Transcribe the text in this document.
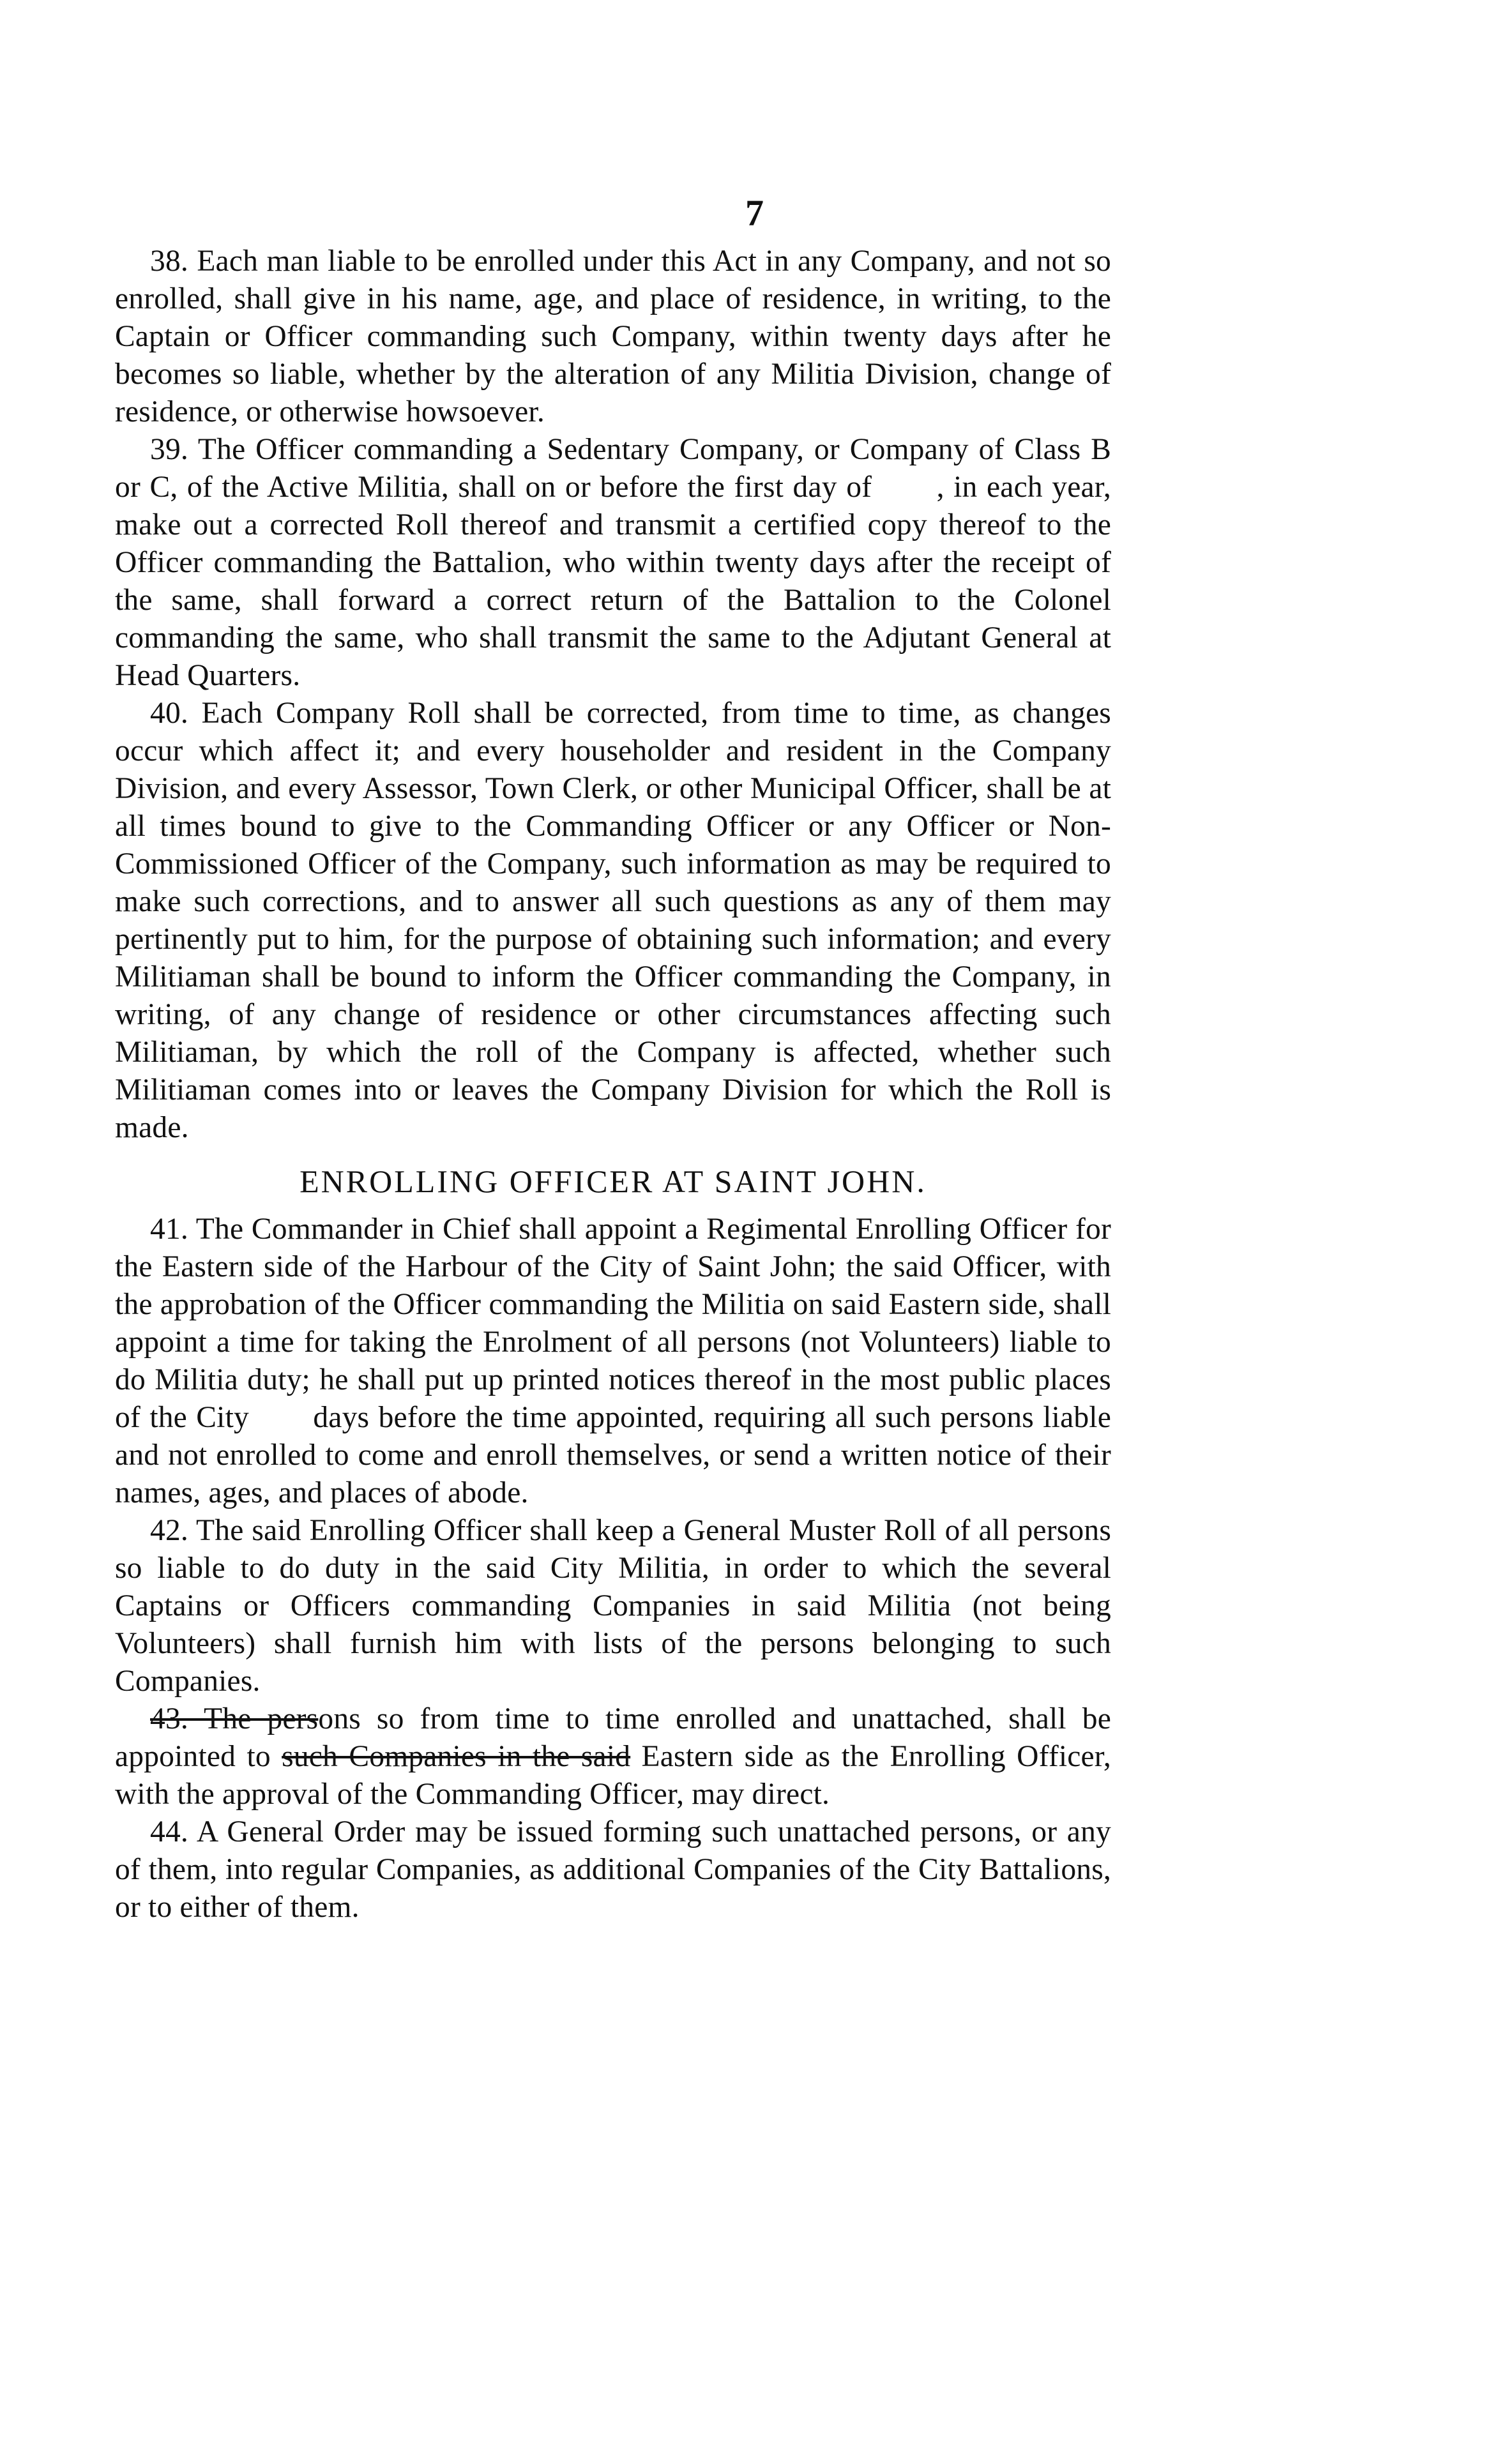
7

38. Each man liable to be enrolled under this Act in any Company, and not so enrolled, shall give in his name, age, and place of residence, in writing, to the Captain or Officer commanding such Company, within twenty days after he becomes so liable, whether by the alteration of any Militia Division, change of residence, or otherwise howsoever.

39. The Officer commanding a Sedentary Company, or Company of Class B or C, of the Active Militia, shall on or before the first day of       , in each year, make out a corrected Roll thereof and transmit a certified copy thereof to the Officer commanding the Battalion, who within twenty days after the receipt of the same, shall forward a correct return of the Battalion to the Colonel commanding the same, who shall transmit the same to the Adjutant General at Head Quarters.

40. Each Company Roll shall be corrected, from time to time, as changes occur which affect it; and every householder and resident in the Company Division, and every Assessor, Town Clerk, or other Municipal Officer, shall be at all times bound to give to the Commanding Officer or any Officer or Non-Commissioned Officer of the Company, such information as may be required to make such corrections, and to answer all such questions as any of them may pertinently put to him, for the purpose of obtaining such information; and every Militiaman shall be bound to inform the Officer commanding the Company, in writing, of any change of residence or other circumstances affecting such Militiaman, by which the roll of the Company is affected, whether such Militiaman comes into or leaves the Company Division for which the Roll is made.

ENROLLING OFFICER AT SAINT JOHN.

41. The Commander in Chief shall appoint a Regimental Enrolling Officer for the Eastern side of the Harbour of the City of Saint John; the said Officer, with the approbation of the Officer commanding the Militia on said Eastern side, shall appoint a time for taking the Enrolment of all persons (not Volunteers) liable to do Militia duty; he shall put up printed notices thereof in the most public places of the City       days before the time appointed, requiring all such persons liable and not enrolled to come and enroll themselves, or send a written notice of their names, ages, and places of abode.

42. The said Enrolling Officer shall keep a General Muster Roll of all persons so liable to do duty in the said City Militia, in order to which the several Captains or Officers commanding Companies in said Militia (not being Volunteers) shall furnish him with lists of the persons belonging to such Companies.

43. The persons so from time to time enrolled and unattached, shall be appointed to such Companies in the said Eastern side as the Enrolling Officer, with the approval of the Commanding Officer, may direct.

44. A General Order may be issued forming such unattached persons, or any of them, into regular Companies, as additional Companies of the City Battalions, or to either of them.
